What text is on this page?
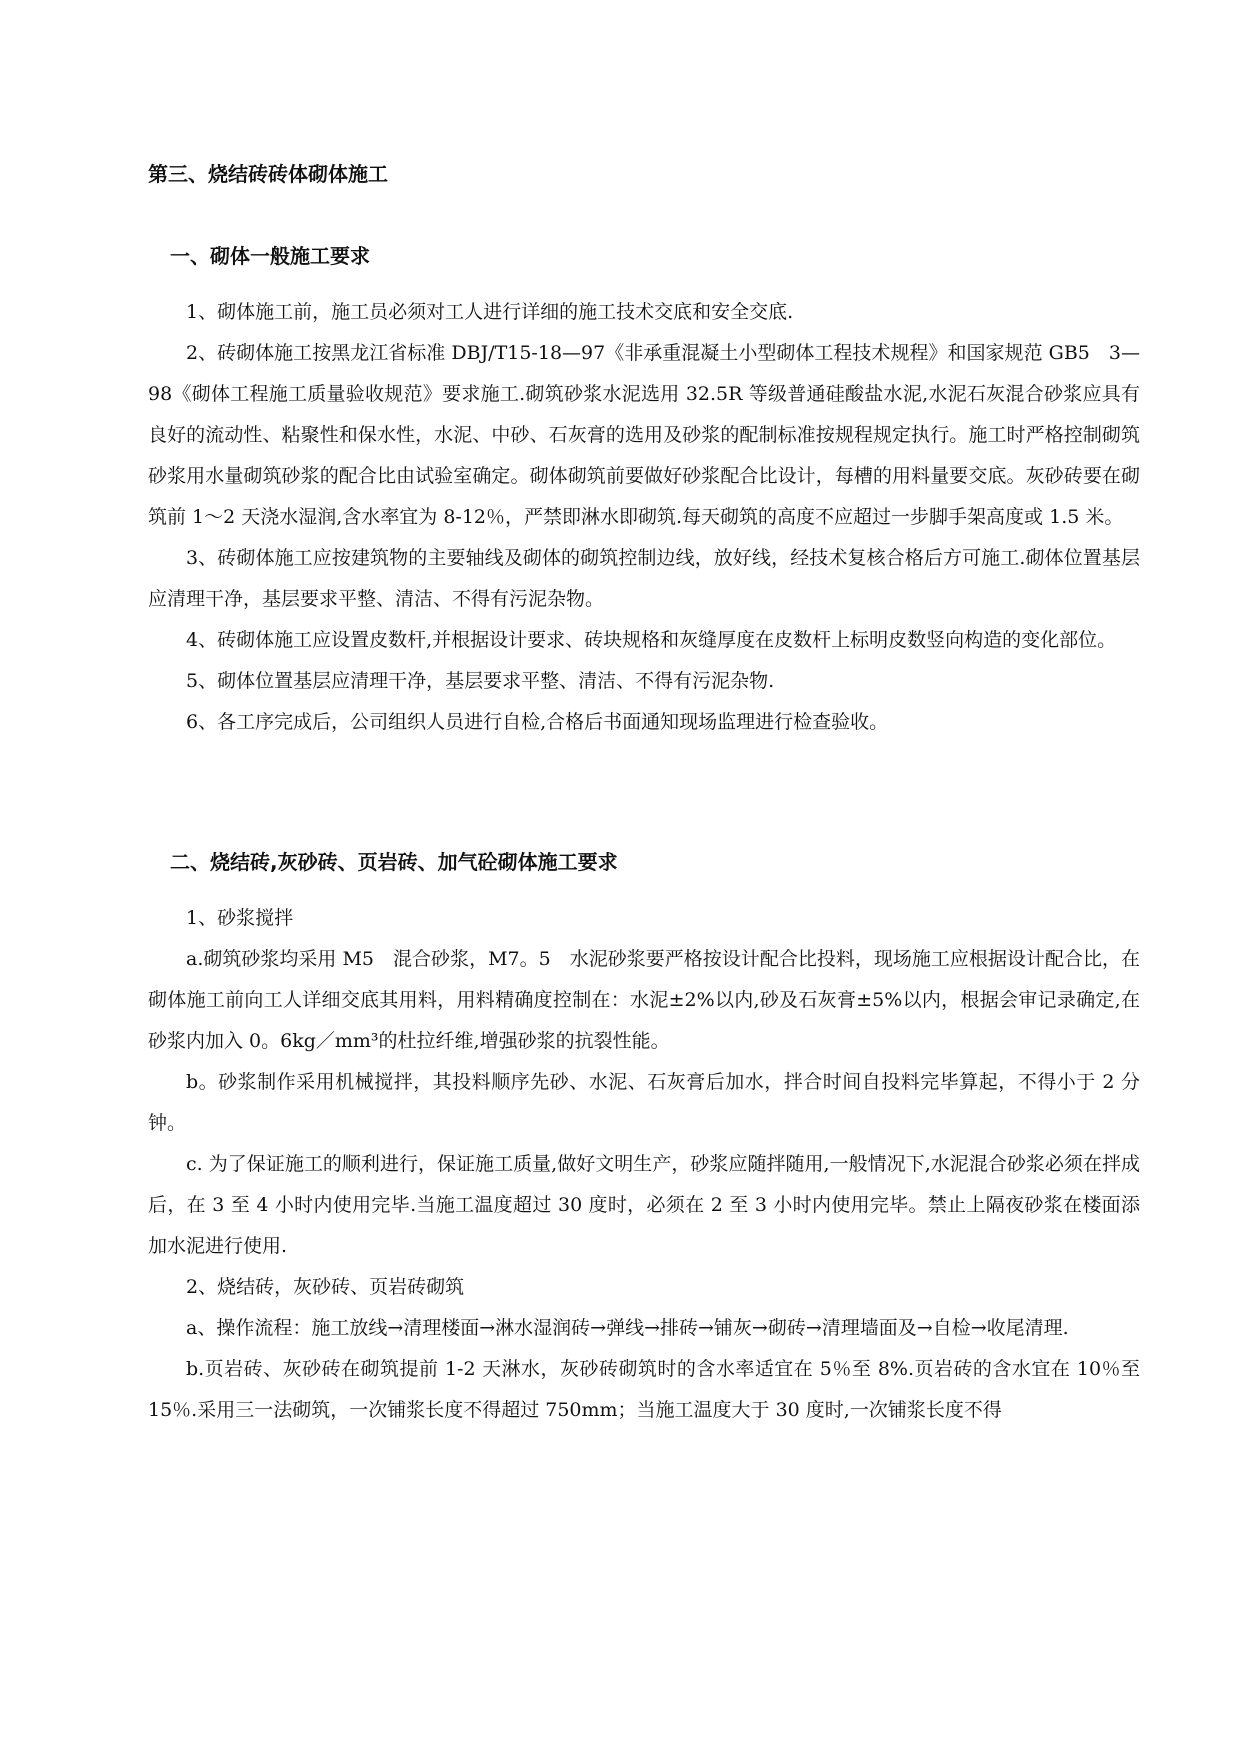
第三、烧结砖砖体砌体施工
一、砌体一般施工要求

1、砌体施工前，施工员必须对工人进行详细的施工技术交底和安全交底.

2、砖砌体施工按黑龙江省标准 DBJ/T15-18—97《非承重混凝土小型砌体工程技术规程》和国家规范 GB5　3—98《砌体工程施工质量验收规范》要求施工.砌筑砂浆水泥选用 32.5R 等级普通硅酸盐水泥,水泥石灰混合砂浆应具有良好的流动性、粘聚性和保水性，水泥、中砂、石灰膏的选用及砂浆的配制标准按规程规定执行。施工时严格控制砌筑砂浆用水量砌筑砂浆的配合比由试验室确定。砌体砌筑前要做好砂浆配合比设计，每槽的用料量要交底。灰砂砖要在砌筑前 1～2 天浇水湿润,含水率宜为 8-12％，严禁即淋水即砌筑.每天砌筑的高度不应超过一步脚手架高度或 1.5 米。

3、砖砌体施工应按建筑物的主要轴线及砌体的砌筑控制边线，放好线，经技术复核合格后方可施工.砌体位置基层应清理干净，基层要求平整、清洁、不得有污泥杂物。

4、砖砌体施工应设置皮数杆,并根据设计要求、砖块规格和灰缝厚度在皮数杆上标明皮数竖向构造的变化部位。

5、砌体位置基层应清理干净，基层要求平整、清洁、不得有污泥杂物.

6、各工序完成后，公司组织人员进行自检,合格后书面通知现场监理进行检查验收。

二、烧结砖,灰砂砖、页岩砖、加气砼砌体施工要求

1、砂浆搅拌

a.砌筑砂浆均采用 M5　混合砂浆，M7。5　水泥砂浆要严格按设计配合比投料，现场施工应根据设计配合比，在砌体施工前向工人详细交底其用料，用料精确度控制在：水泥±2%以内,砂及石灰膏±5%以内，根据会审记录确定,在砂浆内加入 0。6kg／mm³的杜拉纤维,增强砂浆的抗裂性能。

b。砂浆制作采用机械搅拌，其投料顺序先砂、水泥、石灰膏后加水，拌合时间自投料完毕算起，不得小于 2 分钟。

c. 为了保证施工的顺利进行，保证施工质量,做好文明生产，砂浆应随拌随用,一般情况下,水泥混合砂浆必须在拌成后，在 3 至 4 小时内使用完毕.当施工温度超过 30 度时，必须在 2 至 3 小时内使用完毕。禁止上隔夜砂浆在楼面添加水泥进行使用.

2、烧结砖，灰砂砖、页岩砖砌筑

a、操作流程：施工放线→清理楼面→淋水湿润砖→弹线→排砖→铺灰→砌砖→清理墙面及→自检→收尾清理.

b.页岩砖、灰砂砖在砌筑提前 1-2 天淋水，灰砂砖砌筑时的含水率适宜在 5％至 8%.页岩砖的含水宜在 10％至 15％.采用三一法砌筑，一次铺浆长度不得超过 750mm；当施工温度大于 30 度时,一次铺浆长度不得
